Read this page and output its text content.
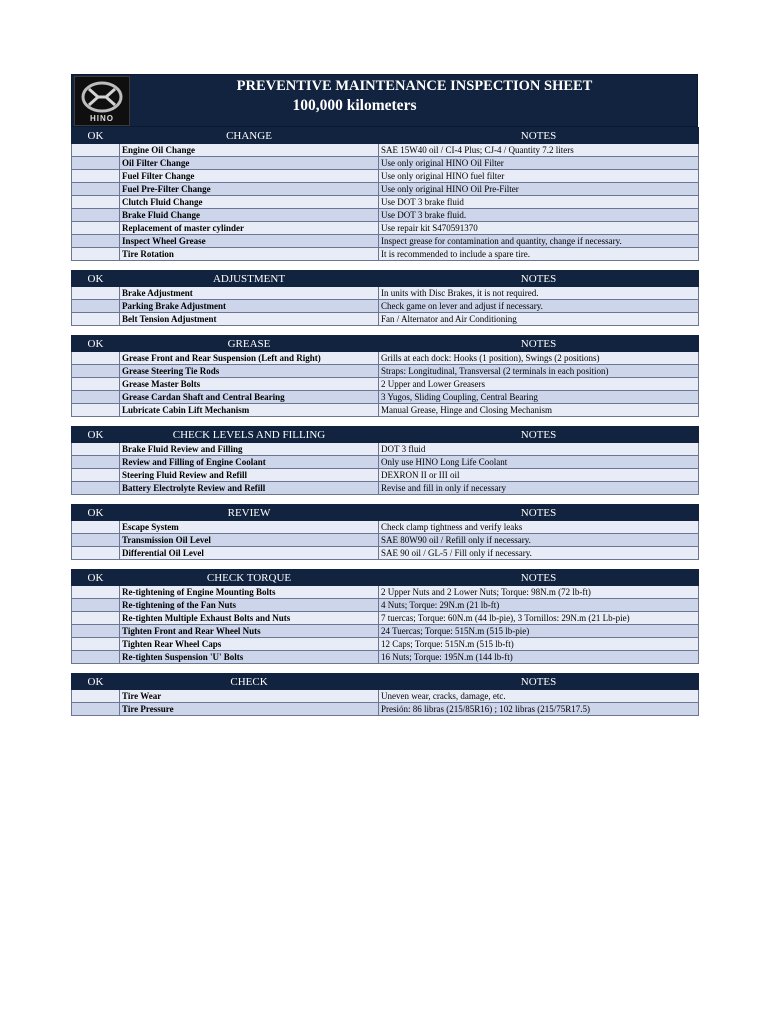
HINO
PREVENTIVE MAINTENANCE INSPECTION SHEET
100,000 kilometers
OK	CHANGE	NOTES
	Engine Oil Change	SAE 15W40 oil / CI-4 Plus; CJ-4 / Quantity 7.2 liters
	Oil Filter Change	Use only original HINO Oil Filter
	Fuel Filter Change	Use only original HINO fuel filter
	Fuel Pre-Filter Change	Use only original HINO Oil Pre-Filter
	Clutch Fluid Change	Use DOT 3 brake fluid
	Brake Fluid Change	Use DOT 3 brake fluid.
	Replacement of master cylinder	Use repair kit S470591370
	Inspect Wheel Grease	Inspect grease for contamination and quantity, change if necessary.
	Tire Rotation	It is recommended to include a spare tire.
OK	ADJUSTMENT	NOTES
	Brake Adjustment	In units with Disc Brakes, it is not required.
	Parking Brake Adjustment	Check game on lever and adjust if necessary.
	Belt Tension Adjustment	Fan / Alternator and Air Conditioning
OK	GREASE	NOTES
	Grease Front and Rear Suspension (Left and Right)	Grills at each dock: Hooks (1 position), Swings (2 positions)
	Grease Steering Tie Rods	Straps: Longitudinal, Transversal (2 terminals in each position)
	Grease Master Bolts	2 Upper and Lower Greasers
	Grease Cardan Shaft and Central Bearing	3 Yugos, Sliding Coupling, Central Bearing
	Lubricate Cabin Lift Mechanism	Manual Grease, Hinge and Closing Mechanism
OK	CHECK LEVELS AND FILLING	NOTES
	Brake Fluid Review and Filling	DOT 3 fluid
	Review and Filling of Engine Coolant	Only use HINO Long Life Coolant
	Steering Fluid Review and Refill	DEXRON II or III oil
	Battery Electrolyte Review and Refill	Revise and fill in only if necessary
OK	REVIEW	NOTES
	Escape System	Check clamp tightness and verify leaks
	Transmission Oil Level	SAE 80W90 oil / Refill only if necessary.
	Differential Oil Level	SAE 90 oil / GL-5 / Fill only if necessary.
OK	CHECK TORQUE	NOTES
	Re-tightening of Engine Mounting Bolts	2 Upper Nuts and 2 Lower Nuts; Torque: 98N.m (72 lb-ft)
	Re-tightening of the Fan Nuts	4 Nuts; Torque: 29N.m (21 lb-ft)
	Re-tighten Multiple Exhaust Bolts and Nuts	7 tuercas; Torque: 60N.m (44 lb-pie), 3 Tornillos: 29N.m (21 Lb-pie)
	Tighten Front and Rear Wheel Nuts	24 Tuercas; Torque: 515N.m (515 lb-pie)
	Tighten Rear Wheel Caps	12 Caps; Torque: 515N.m (515 lb-ft)
	Re-tighten Suspension 'U' Bolts	16 Nuts; Torque: 195N.m (144 lb-ft)
OK	CHECK	NOTES
	Tire Wear	Uneven wear, cracks, damage, etc.
	Tire Pressure	Presión: 86 libras (215/85R16) ; 102 libras (215/75R17.5)
